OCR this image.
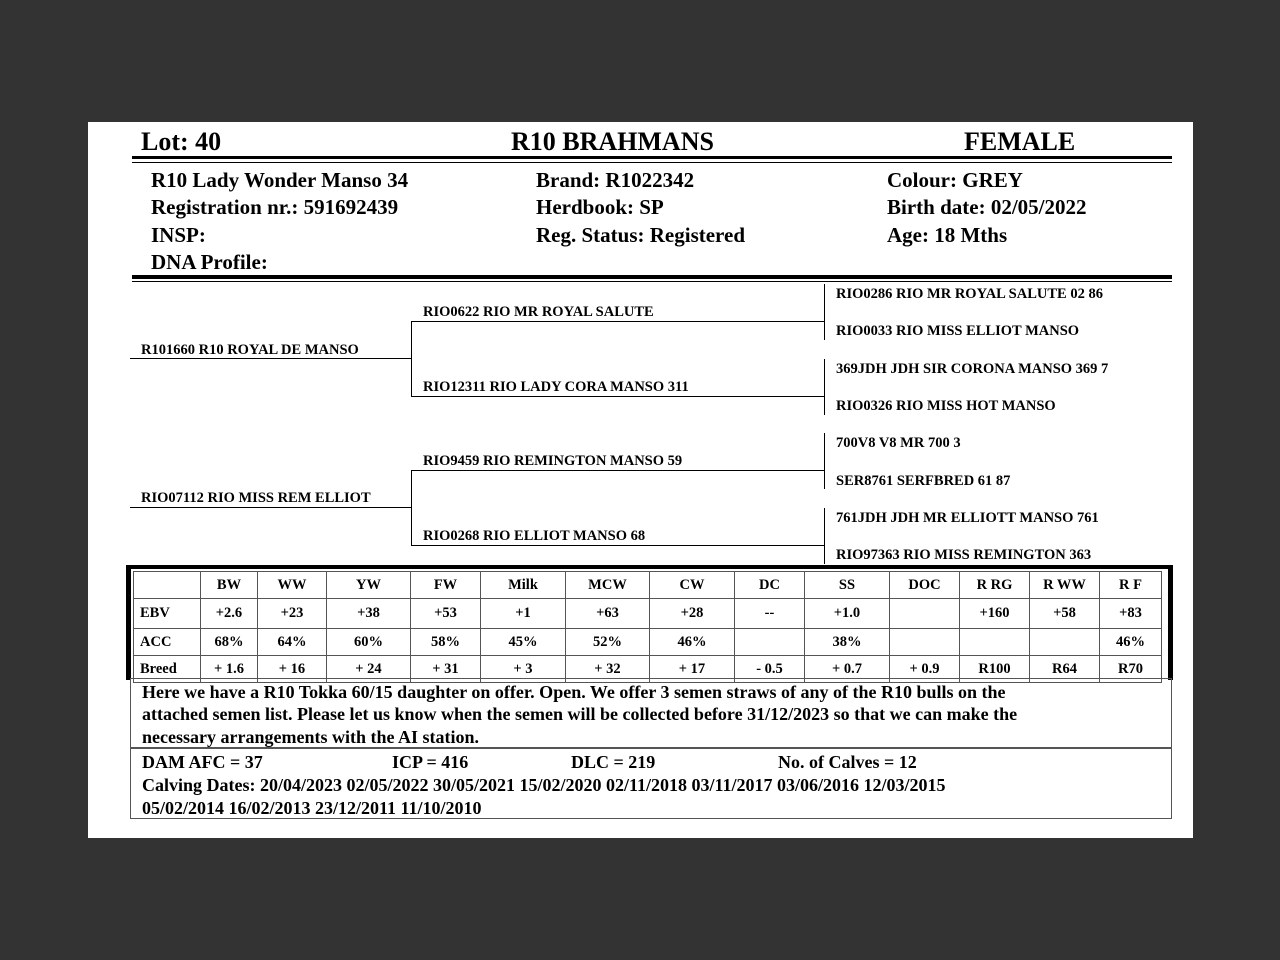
Lot: 40	R10 BRAHMANS	FEMALE
R10 Lady Wonder Manso 34
Registration nr.: 591692439
INSP:
DNA Profile:
Brand: R1022342
Herdbook: SP
Reg. Status: Registered
Colour: GREY
Birth date: 02/05/2022
Age: 18 Mths
R101660 R10 ROYAL DE MANSO
RIO07112 RIO MISS REM ELLIOT
RIO0622 RIO MR ROYAL SALUTE
RIO12311 RIO LADY CORA MANSO 311
RIO9459 RIO REMINGTON MANSO 59
RIO0268 RIO ELLIOT MANSO 68
RIO0286 RIO MR ROYAL SALUTE 02 86
RIO0033 RIO MISS ELLIOT MANSO
369JDH JDH SIR CORONA MANSO 369 7
RIO0326 RIO MISS HOT MANSO
700V8 V8 MR 700 3
SER8761 SERFBRED 61 87
761JDH JDH MR ELLIOTT MANSO 761
RIO97363 RIO MISS REMINGTON 363
	BW	WW	YW	FW	Milk	MCW	CW	DC	SS	DOC	R RG	R WW	R F
EBV	+2.6	+23	+38	+53	+1	+63	+28	--	+1.0		+160	+58	+83
ACC	68%	64%	60%	58%	45%	52%	46%		38%				46%
Breed	+ 1.6	+ 16	+ 24	+ 31	+ 3	+ 32	+ 17	- 0.5	+ 0.7	+ 0.9	R100	R64	R70
Here we have a R10 Tokka 60/15 daughter on offer. Open. We offer 3 semen straws of any of the R10 bulls on the
attached semen list. Please let us know when the semen will be collected before 31/12/2023 so that we can make the
necessary arrangements with the AI station.
DAM AFC = 37	ICP = 416	DLC = 219	No. of Calves = 12
Calving Dates: 20/04/2023 02/05/2022 30/05/2021 15/02/2020 02/11/2018 03/11/2017 03/06/2016 12/03/2015
05/02/2014 16/02/2013 23/12/2011 11/10/2010
